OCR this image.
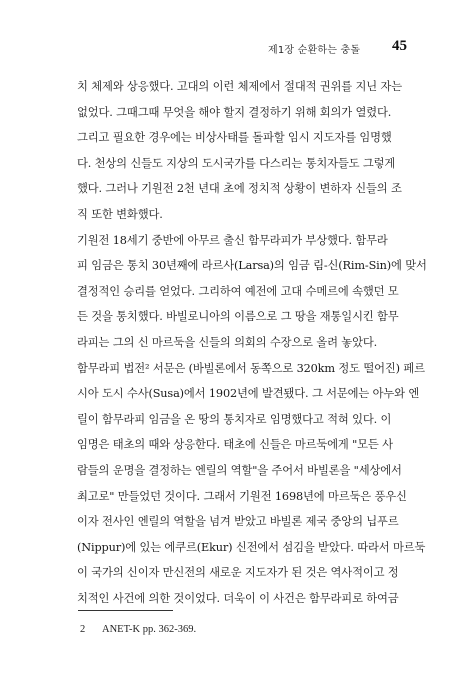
제1장 순환하는 충돌 45
치 체제와 상응했다. 고대의 이런 체제에서 절대적 권위를 지닌 자는
없었다. 그때그때 무엇을 해야 할지 결정하기 위해 회의가 열렸다.
그리고 필요한 경우에는 비상사태를 돌파할 임시 지도자를 임명했
다. 천상의 신들도 지상의 도시국가를 다스리는 통치자들도 그렇게
했다. 그러나 기원전 2천 년대 초에 정치적 상황이 변하자 신들의 조
직 또한 변화했다.
기원전 18세기 중반에 아무르 출신 함무라피가 부상했다. 함무라
피 임금은 통치 30년째에 라르사(Larsa)의 임금 림-신(Rim-Sin)에 맞서
결정적인 승리를 얻었다. 그리하여 예전에 고대 수메르에 속했던 모
든 것을 통치했다. 바빌로니아의 이름으로 그 땅을 재통일시킨 함무
라피는 그의 신 마르둑을 신들의 의회의 수장으로 올려 놓았다.
함무라피 법전² 서문은 (바빌론에서 동쪽으로 320km 정도 떨어진) 페르
시아 도시 수사(Susa)에서 1902년에 발견됐다. 그 서문에는 아누와 엔
릴이 함무라피 임금을 온 땅의 통치자로 임명했다고 적혀 있다. 이
임명은 태초의 때와 상응한다. 태초에 신들은 마르둑에게 "모든 사
람들의 운명을 결정하는 엔릴의 역할"을 주어서 바빌론을 "세상에서
최고로" 만들었던 것이다. 그래서 기원전 1698년에 마르둑은 풍우신
이자 전사인 엔릴의 역할을 넘겨 받았고 바빌론 제국 중앙의 닙푸르
(Nippur)에 있는 에쿠르(Ekur) 신전에서 섬김을 받았다. 따라서 마르둑
이 국가의 신이자 만신전의 새로운 지도자가 된 것은 역사적이고 정
치적인 사건에 의한 것이었다. 더욱이 이 사건은 함무라피로 하여금
2 ANET-K pp. 362-369.
